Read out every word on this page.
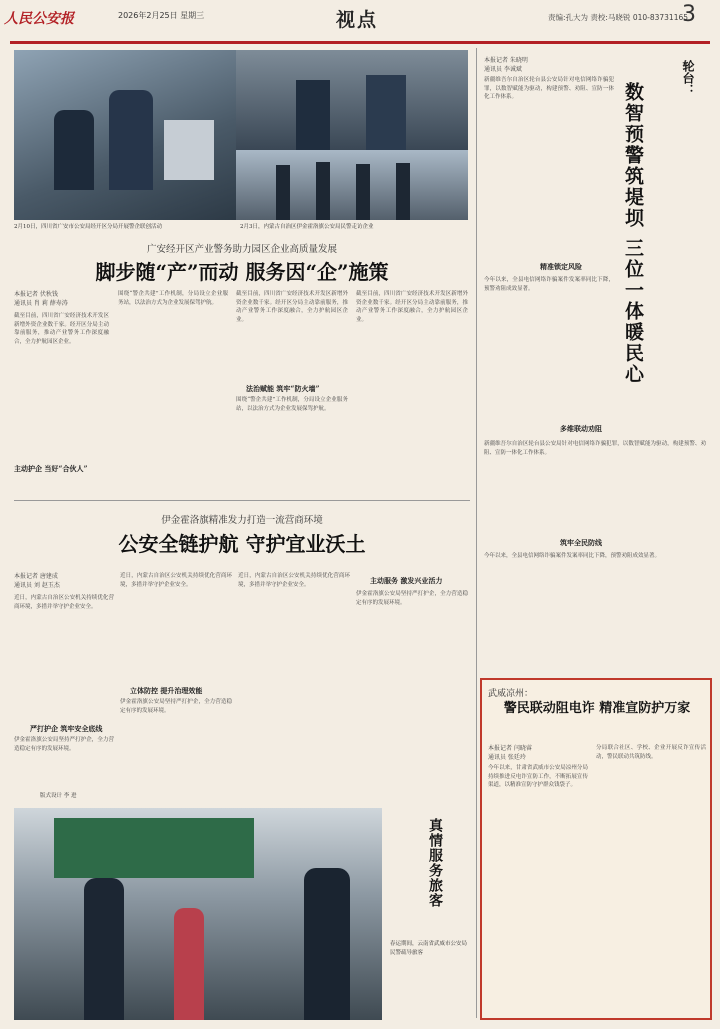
人民公安报	2026年2月25日 星期三	视点	责编:孔大为 责校:马晓锐 010-83731165
3
2月10日，四川省广安市公安局经开区分局开展警企联创活动	2月3日，内蒙古自治区伊金霍洛旗公安局民警走访企业
广安经开区产业警务助力园区企业高质量发展
脚步随“产”而动 服务因“企”施策
本报记者 伏秋钱
通讯员 肖 莉 薛寿涛
截至目前，四川省广安经济技术开发区新增外资企业数千家。经开区分局主动靠前服务，推动产业警务工作深度融合，全力护航园区企业。
主动护企 当好“合伙人”
围绕“警企共建”工作机制，分局设立企业服务站，以法治方式为企业发展保驾护航。
截至目前，四川省广安经济技术开发区新增外资企业数千家。经开区分局主动靠前服务，推动产业警务工作深度融合，全力护航园区企业。
法治赋能 筑牢“防火墙”
围绕“警企共建”工作机制，分局设立企业服务站，以法治方式为企业发展保驾护航。
截至目前，四川省广安经济技术开发区新增外资企业数千家。经开区分局主动靠前服务，推动产业警务工作深度融合，全力护航园区企业。
伊金霍洛旗精准发力打造一流营商环境
公安全链护航 守护宜业沃土
本报记者 唐建成
通讯员 刘 赵玉杰
近日，内蒙古自治区公安机关持续优化营商环境，多措并举守护企业安全。
严打护企 筑牢安全底线
伊金霍洛旗公安局坚持严打护企，全力营造稳定有序的发展环境。
近日，内蒙古自治区公安机关持续优化营商环境，多措并举守护企业安全。
立体防控 提升治理效能
伊金霍洛旗公安局坚持严打护企，全力营造稳定有序的发展环境。
近日，内蒙古自治区公安机关持续优化营商环境，多措并举守护企业安全。	主动服务 激发兴业活力
伊金霍洛旗公安局坚持严打护企，全力营造稳定有序的发展环境。
版式设计 李 进
真情服务旅客
春运期间，云南省武威市公安局民警疏导旅客
本报记者 朱晓明
通讯员 李诚斌
新疆维吾尔自治区轮台县公安局针对电信网络诈骗犯罪，以数智赋能为驱动，构建预警、劝阻、宣防一体化工作体系。
轮台：
数智预警筑堤坝 三位一体暖民心
精准锁定风险
今年以来，全县电信网络诈骗案件发案率同比下降，预警劝阻成效显著。
多维联动劝阻
新疆维吾尔自治区轮台县公安局针对电信网络诈骗犯罪，以数智赋能为驱动，构建预警、劝阻、宣防一体化工作体系。
筑牢全民防线
今年以来，全县电信网络诈骗案件发案率同比下降，预警劝阻成效显著。
武威凉州：
警民联动阻电诈 精准宣防护万家
本报记者 闫晓睿
通讯员 张廷玲
今年以来，甘肃省武威市公安局凉州分局持续推进反电诈宣防工作，不断拓展宣传渠道，以精准宣防守护群众钱袋子。
分局联合社区、学校、企业开展反诈宣传活动，警民联动共筑防线。
